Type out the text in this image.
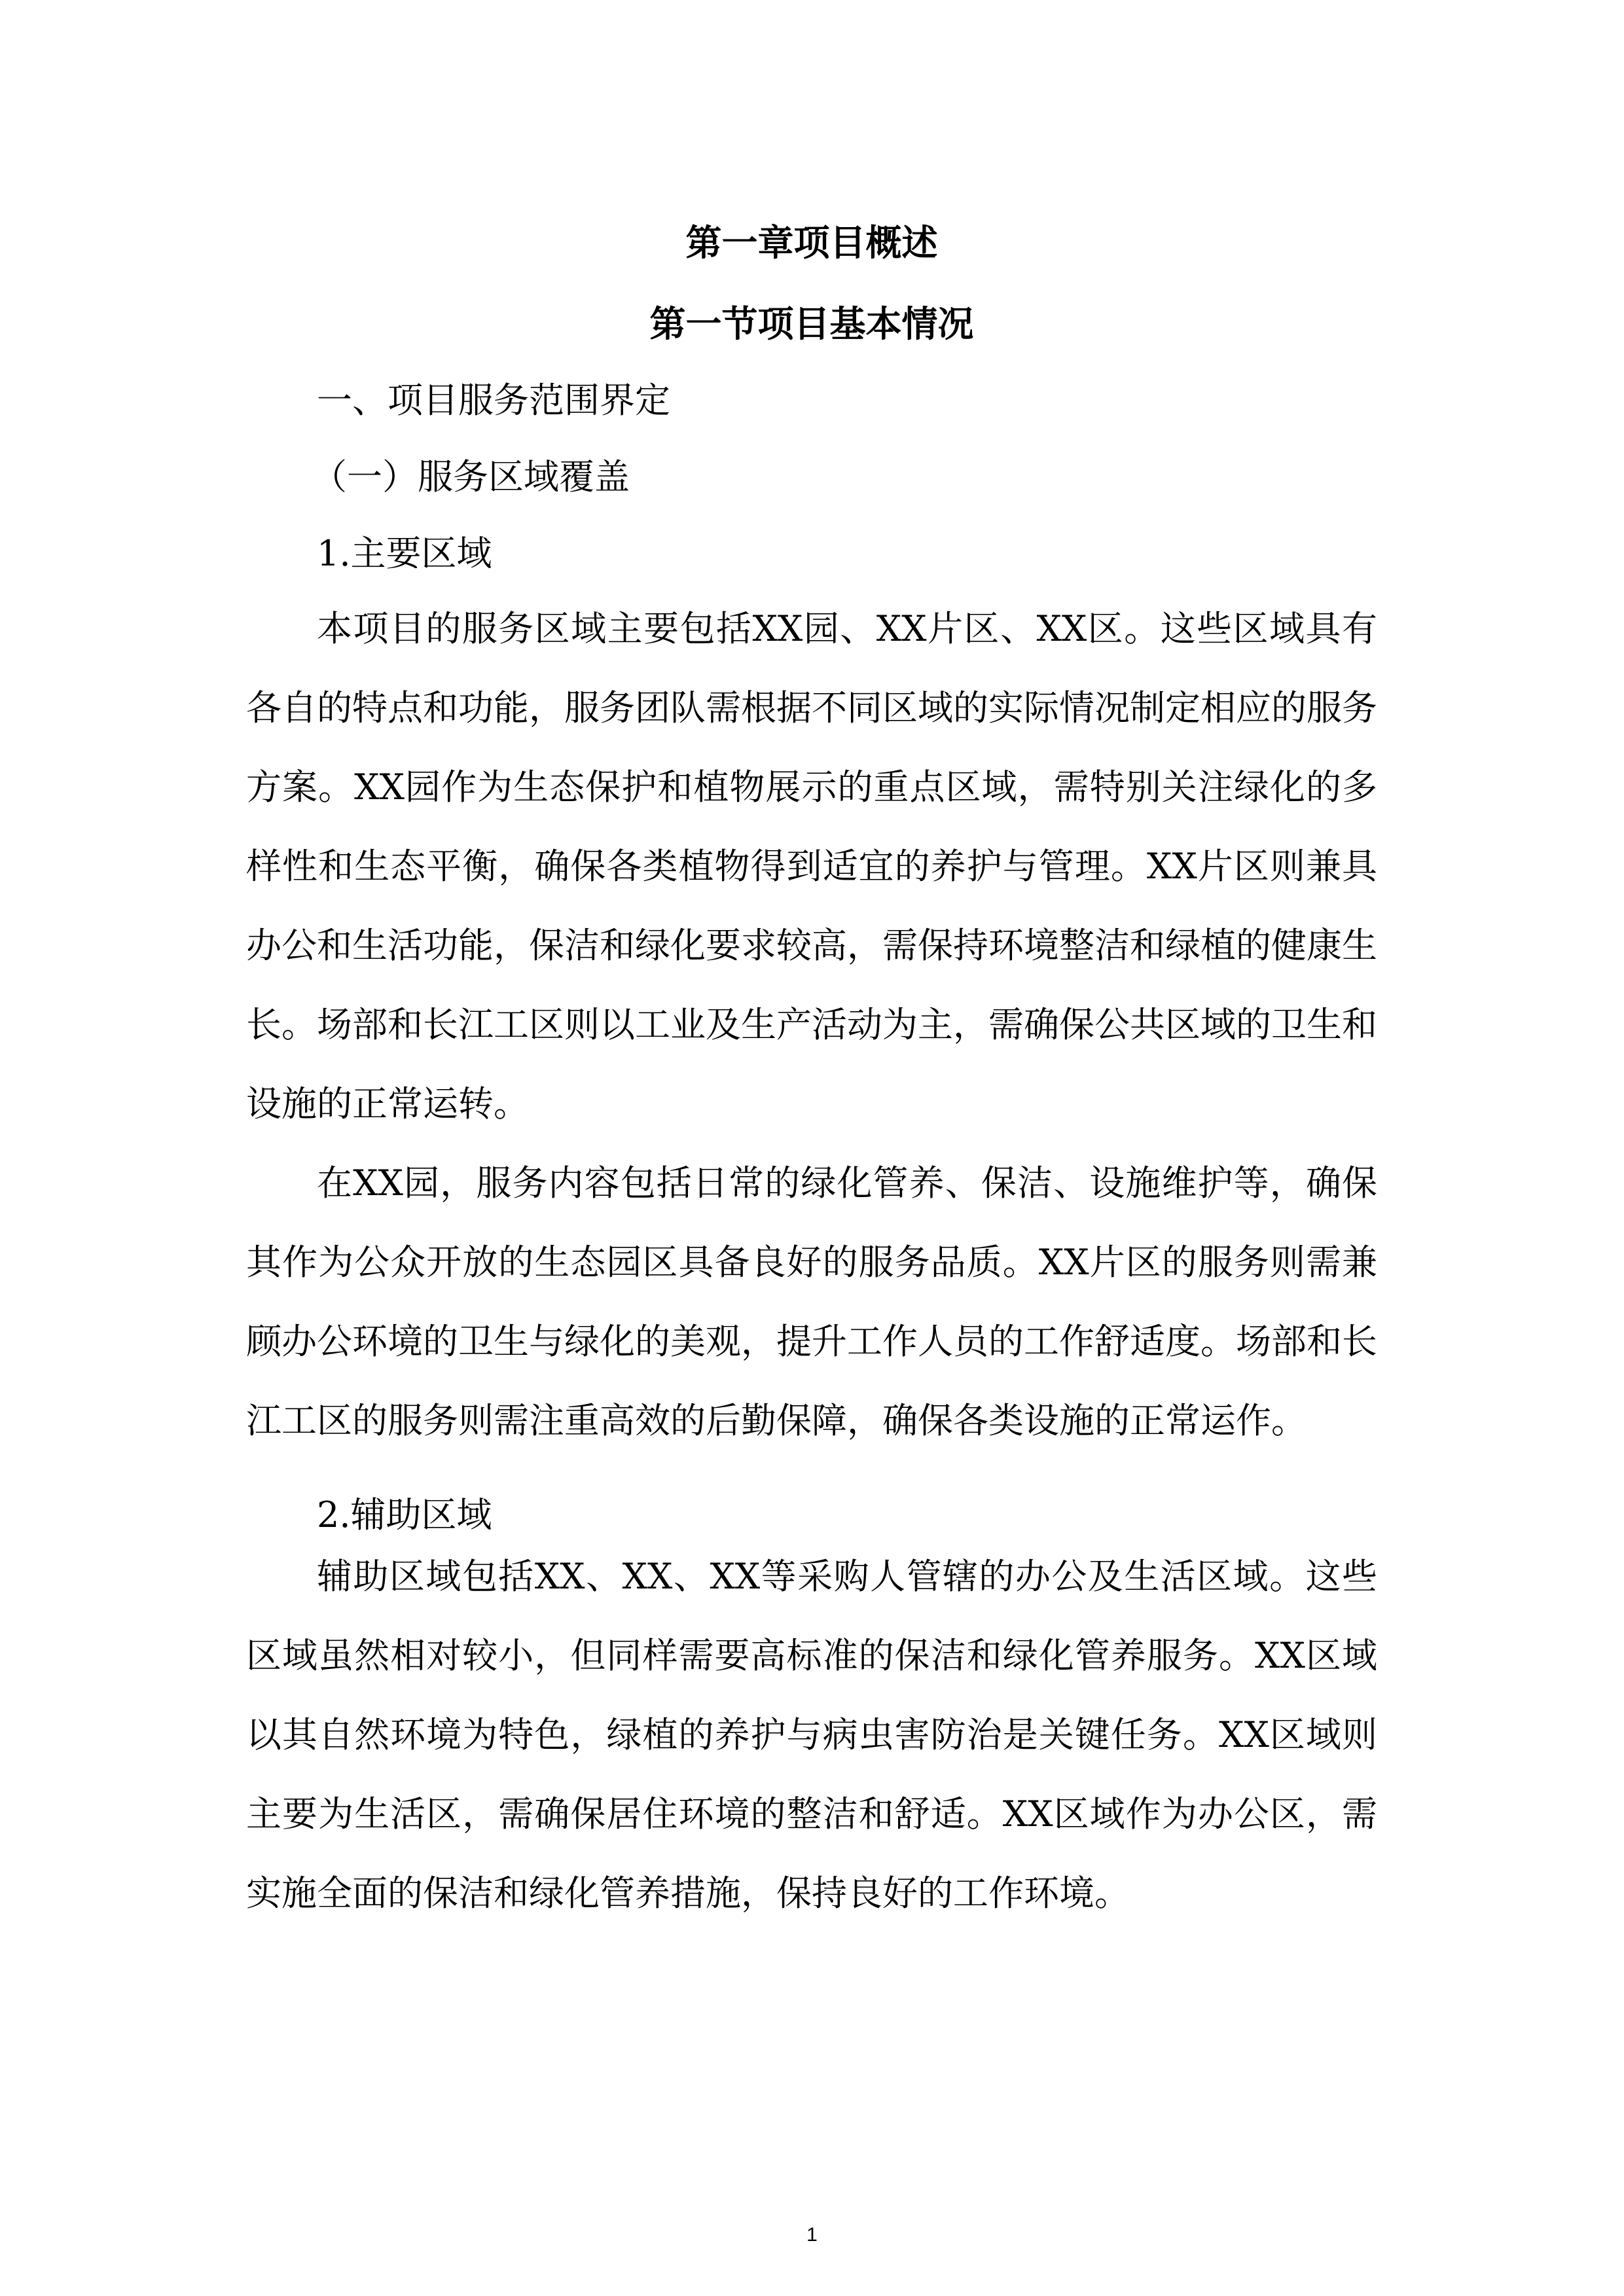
第一章项目概述
第一节项目基本情况

一、项目服务范围界定

（一）服务区域覆盖

1.主要区域

本项目的服务区域主要包括XX园、XX片区、XX区。这些区域具有各自的特点和功能，服务团队需根据不同区域的实际情况制定相应的服务方案。XX园作为生态保护和植物展示的重点区域，需特别关注绿化的多样性和生态平衡，确保各类植物得到适宜的养护与管理。XX片区则兼具办公和生活功能，保洁和绿化要求较高，需保持环境整洁和绿植的健康生长。场部和长江工区则以工业及生产活动为主，需确保公共区域的卫生和设施的正常运转。

在XX园，服务内容包括日常的绿化管养、保洁、设施维护等，确保其作为公众开放的生态园区具备良好的服务品质。XX片区的服务则需兼顾办公环境的卫生与绿化的美观，提升工作人员的工作舒适度。场部和长江工区的服务则需注重高效的后勤保障，确保各类设施的正常运作。

2.辅助区域

辅助区域包括XX、XX、XX等采购人管辖的办公及生活区域。这些区域虽然相对较小，但同样需要高标准的保洁和绿化管养服务。XX区域以其自然环境为特色，绿植的养护与病虫害防治是关键任务。XX区域则主要为生活区，需确保居住环境的整洁和舒适。XX区域作为办公区，需实施全面的保洁和绿化管养措施，保持良好的工作环境。

1
